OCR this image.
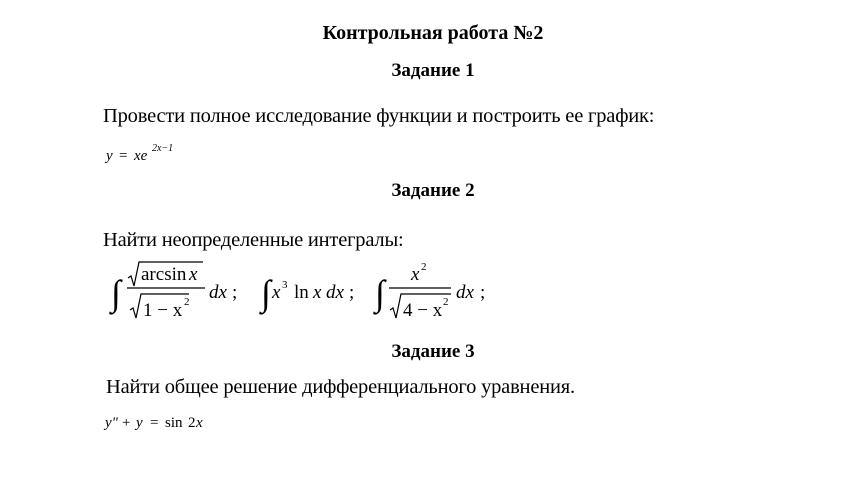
Контрольная работа №2
Задание 1
Провести полное исследование функции и построить ее график:
y = xe 2x−1
Задание 2
Найти неопределенные интегралы:
∫ arcsin x
1 − x 2 dx ; ∫ x 3 ln x dx ; ∫ x 2
4 − x 2 dx ;
Задание 3
Найти общее решение дифференциального уравнения.
y" + y = sin 2 x
